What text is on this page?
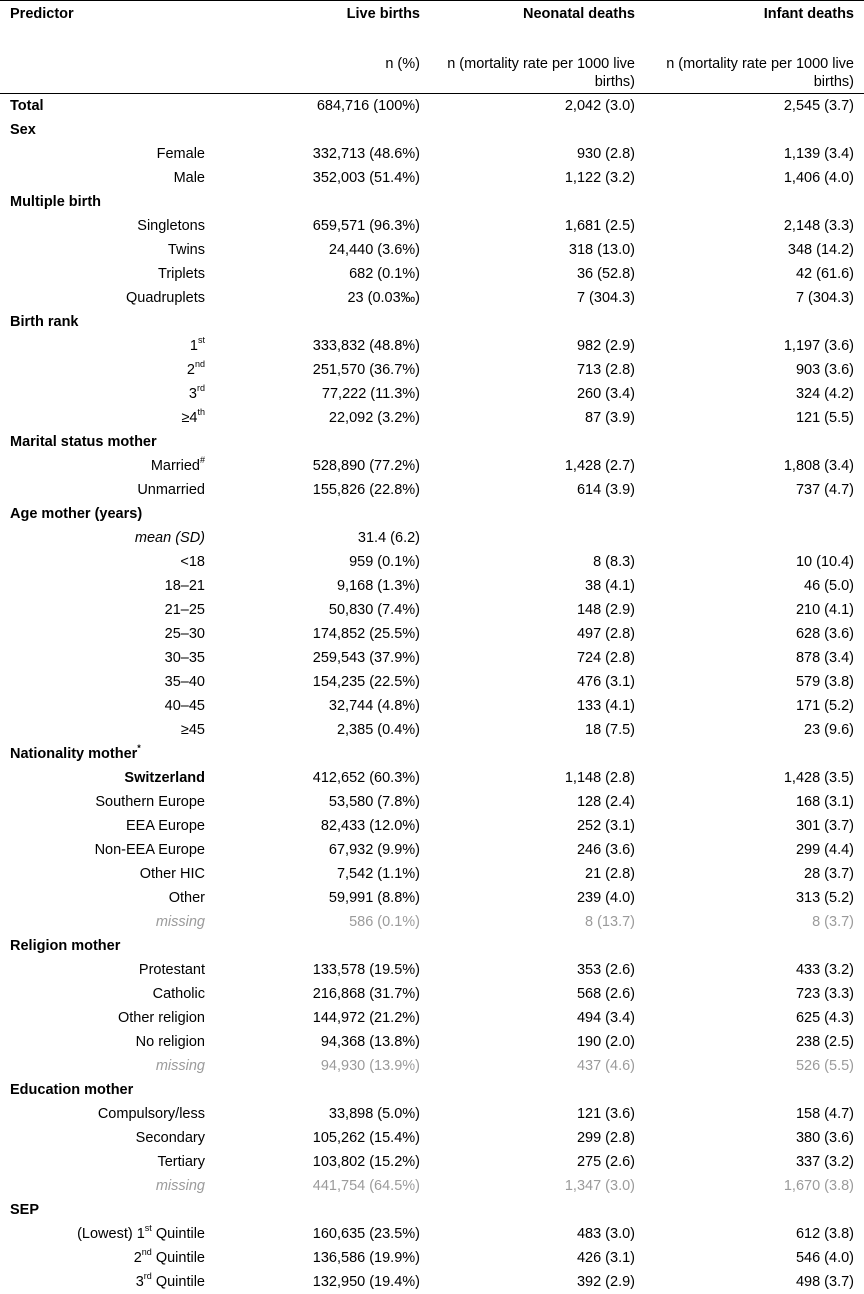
Predictor	Live births	Neonatal deaths	Infant deaths
	n (%)	n (mortality rate per 1000 live births)	n (mortality rate per 1000 live births)
Total	684,716 (100%)	2,042 (3.0)	2,545 (3.7)
Sex			
Female	332,713 (48.6%)	930 (2.8)	1,139 (3.4)
Male	352,003 (51.4%)	1,122 (3.2)	1,406 (4.0)
Multiple birth			
Singletons	659,571 (96.3%)	1,681 (2.5)	2,148 (3.3)
Twins	24,440 (3.6%)	318 (13.0)	348 (14.2)
Triplets	682 (0.1%)	36 (52.8)	42 (61.6)
Quadruplets	23 (0.03‰)	7 (304.3)	7 (304.3)
Birth rank			
1st	333,832 (48.8%)	982 (2.9)	1,197 (3.6)
2nd	251,570 (36.7%)	713 (2.8)	903 (3.6)
3rd	77,222 (11.3%)	260 (3.4)	324 (4.2)
≥4th	22,092 (3.2%)	87 (3.9)	121 (5.5)
Marital status mother			
Married#	528,890 (77.2%)	1,428 (2.7)	1,808 (3.4)
Unmarried	155,826 (22.8%)	614 (3.9)	737 (4.7)
Age mother (years)			
mean (SD)	31.4 (6.2)		
<18	959 (0.1%)	8 (8.3)	10 (10.4)
18–21	9,168 (1.3%)	38 (4.1)	46 (5.0)
21–25	50,830 (7.4%)	148 (2.9)	210 (4.1)
25–30	174,852 (25.5%)	497 (2.8)	628 (3.6)
30–35	259,543 (37.9%)	724 (2.8)	878 (3.4)
35–40	154,235 (22.5%)	476 (3.1)	579 (3.8)
40–45	32,744 (4.8%)	133 (4.1)	171 (5.2)
≥45	2,385 (0.4%)	18 (7.5)	23 (9.6)
Nationality mother*			
Switzerland	412,652 (60.3%)	1,148 (2.8)	1,428 (3.5)
Southern Europe	53,580 (7.8%)	128 (2.4)	168 (3.1)
EEA Europe	82,433 (12.0%)	252 (3.1)	301 (3.7)
Non-EEA Europe	67,932 (9.9%)	246 (3.6)	299 (4.4)
Other HIC	7,542 (1.1%)	21 (2.8)	28 (3.7)
Other	59,991 (8.8%)	239 (4.0)	313 (5.2)
missing	586 (0.1%)	8 (13.7)	8 (3.7)
Religion mother			
Protestant	133,578 (19.5%)	353 (2.6)	433 (3.2)
Catholic	216,868 (31.7%)	568 (2.6)	723 (3.3)
Other religion	144,972 (21.2%)	494 (3.4)	625 (4.3)
No religion	94,368 (13.8%)	190 (2.0)	238 (2.5)
missing	94,930 (13.9%)	437 (4.6)	526 (5.5)
Education mother			
Compulsory/less	33,898 (5.0%)	121 (3.6)	158 (4.7)
Secondary	105,262 (15.4%)	299 (2.8)	380 (3.6)
Tertiary	103,802 (15.2%)	275 (2.6)	337 (3.2)
missing	441,754 (64.5%)	1,347 (3.0)	1,670 (3.8)
SEP			
(Lowest) 1st Quintile	160,635 (23.5%)	483 (3.0)	612 (3.8)
2nd Quintile	136,586 (19.9%)	426 (3.1)	546 (4.0)
3rd Quintile	132,950 (19.4%)	392 (2.9)	498 (3.7)
